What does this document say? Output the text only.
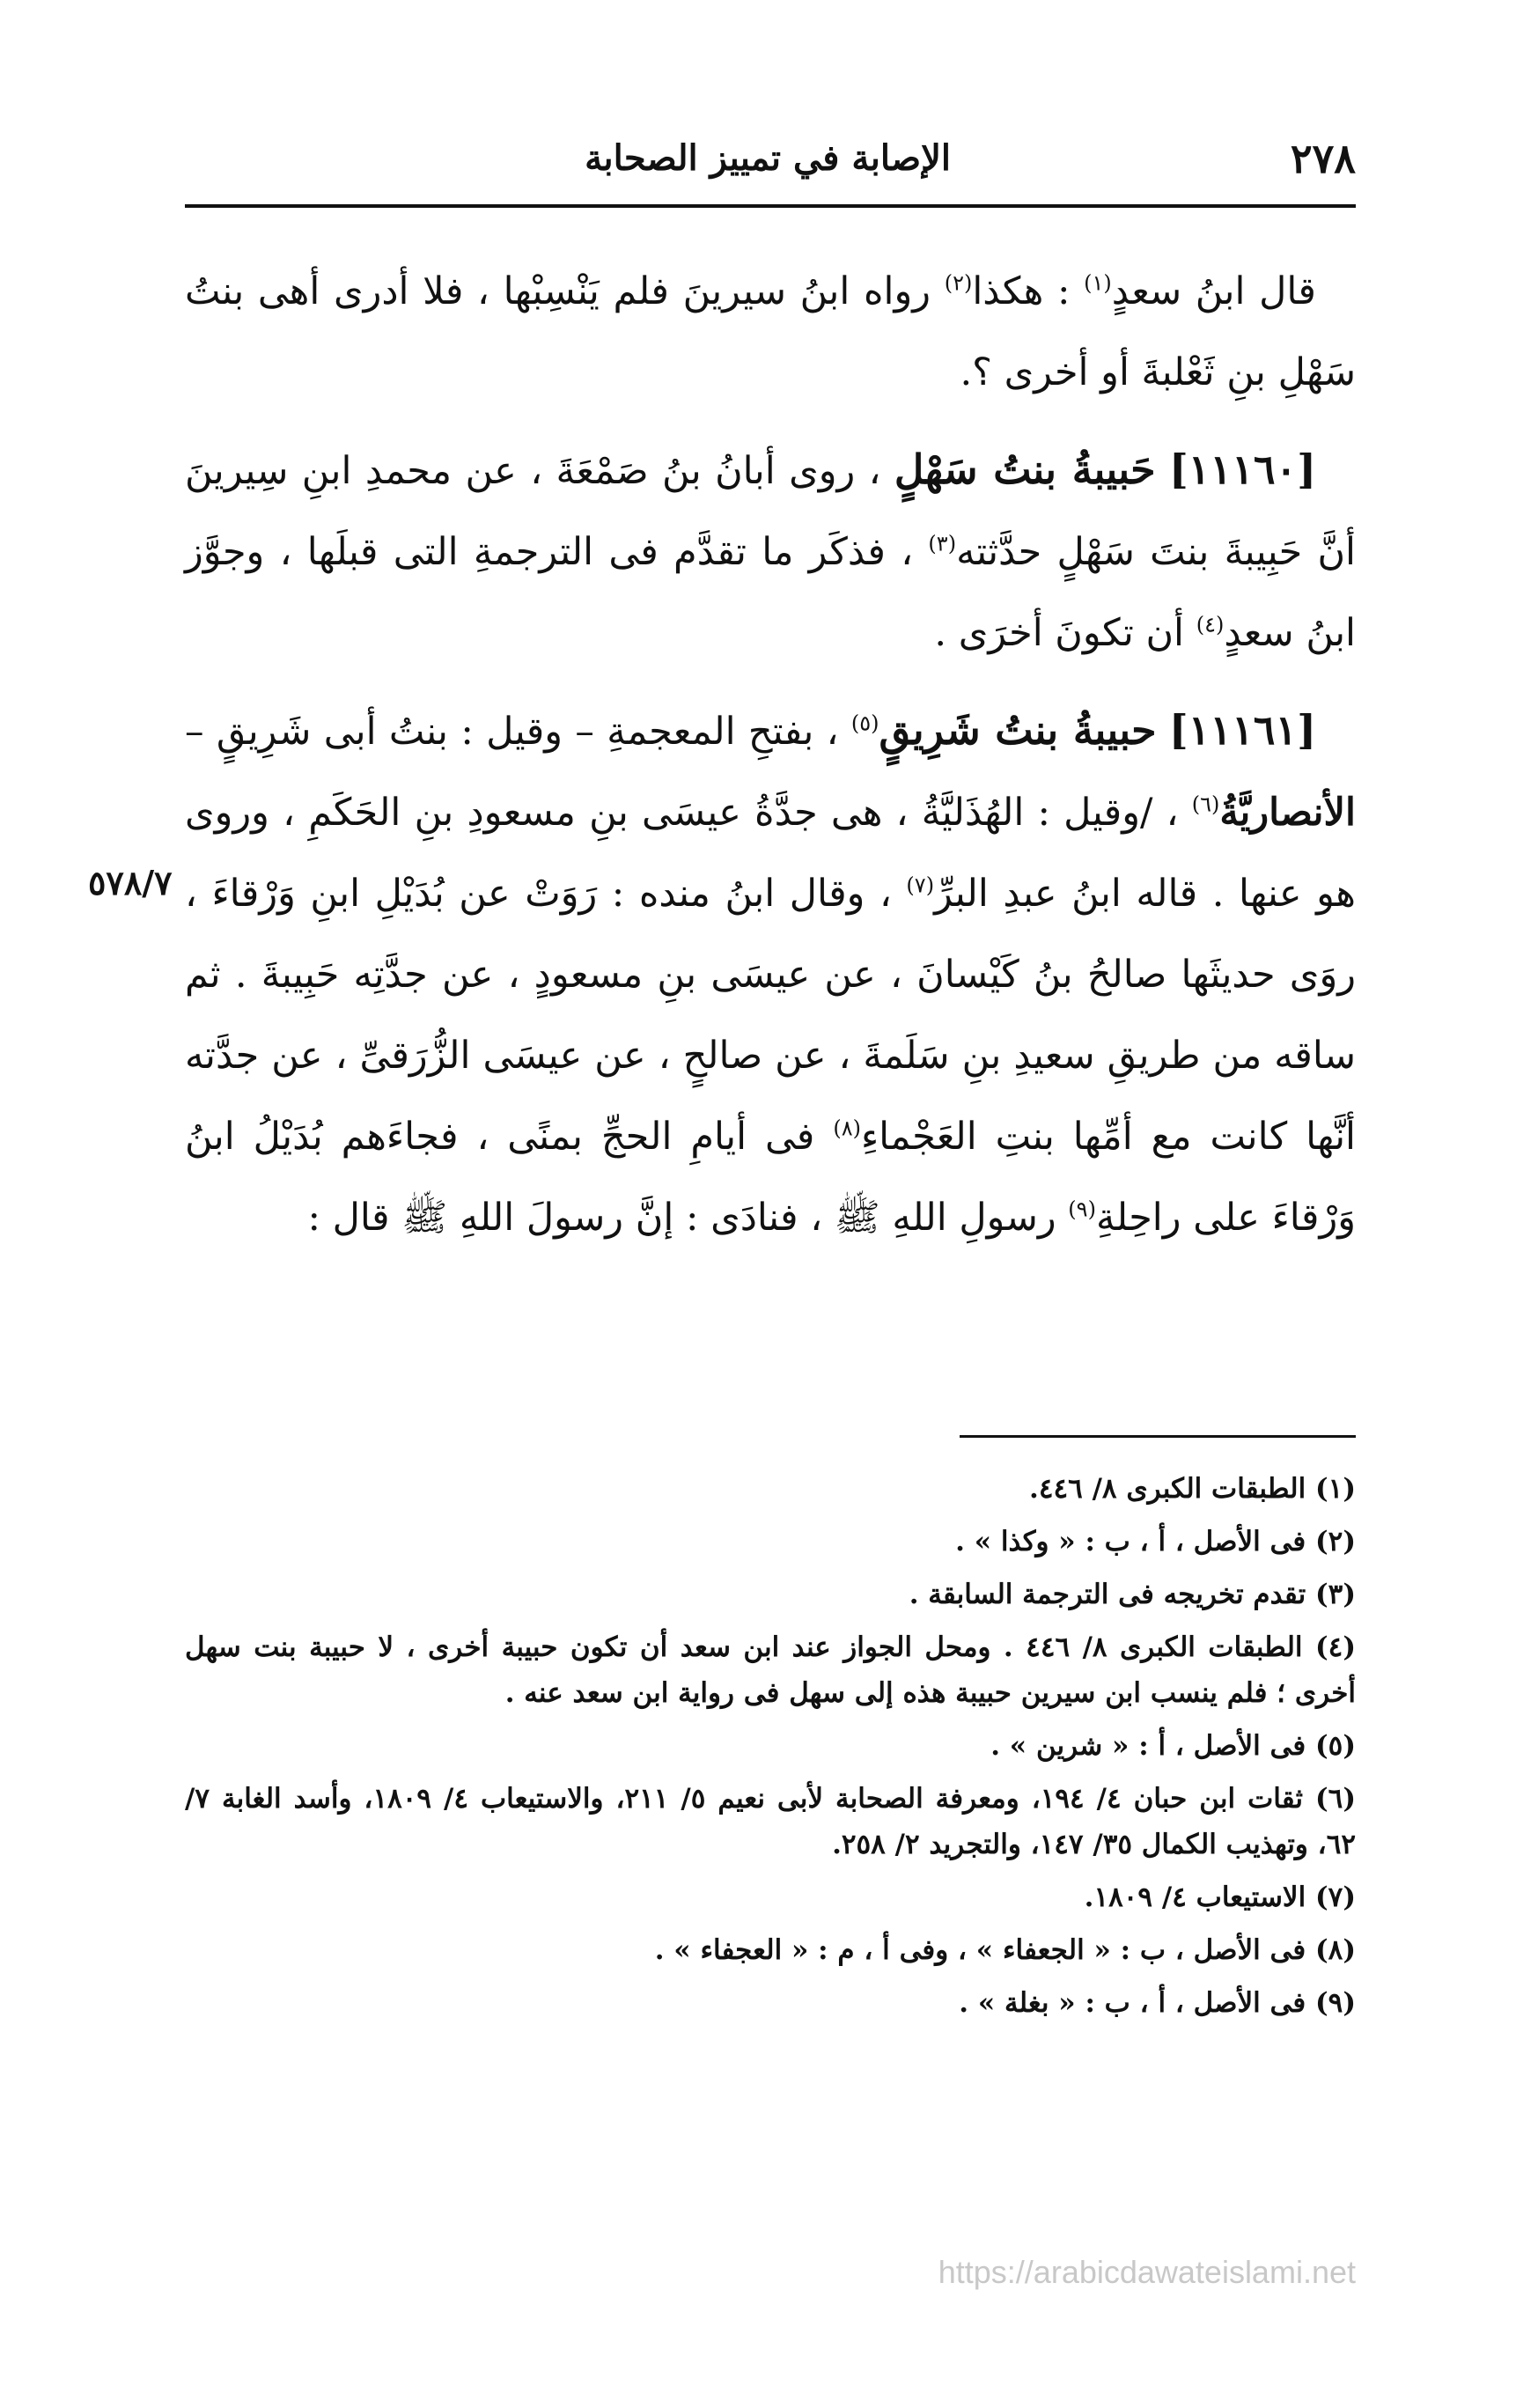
٢٧٨
الإصابة في تمييز الصحابة
٥٧٨/٧

قال ابنُ سعدٍ$^{(١)}$ : هكذا$^{(٢)}$ رواه ابنُ سيرينَ فلم يَنْسِبْها ، فلا أدرى أهى بنتُ سَهْلِ بنِ ثَعْلبةَ أو أخرى ؟.

[١١١٦٠] حَبيبةُ بنتُ سَهْلٍ ، روى أبانُ بنُ صَمْعَةَ ، عن محمدِ ابنِ سِيرينَ أنَّ حَبِيبةَ بنتَ سَهْلٍ حدَّثته$^{(٣)}$ ، فذكَر ما تقدَّم فى الترجمةِ التى قبلَها ، وجوَّز ابنُ سعدٍ$^{(٤)}$ أن تكونَ أخرَى .

[١١١٦١] حبيبةُ بنتُ شَرِيقٍ$^{(٥)}$ ، بفتحِ المعجمةِ – وقيل : بنتُ أبى شَرِيقٍ – الأنصاريَّةُ$^{(٦)}$ ، /وقيل : الهُذَليَّةُ ، هى جدَّةُ عيسَى بنِ مسعودِ بنِ الحَكَمِ ، وروى هو عنها . قاله ابنُ عبدِ البرِّ$^{(٧)}$ ، وقال ابنُ منده : رَوَتْ عن بُدَيْلِ ابنِ وَرْقاءَ ، روَى حديثَها صالحُ بنُ كَيْسانَ ، عن عيسَى بنِ مسعودٍ ، عن جدَّتِه حَبِيبةَ . ثم ساقه من طريقِ سعيدِ بنِ سَلَمةَ ، عن صالحٍ ، عن عيسَى الزُّرَقىِّ ، عن جدَّته أنَّها كانت مع أمِّها بنتِ العَجْماءِ$^{(٨)}$ فى أيامِ الحجِّ بمنًى ، فجاءَهم بُدَيْلُ ابنُ وَرْقاءَ على راحِلةِ$^{(٩)}$ رسولِ اللهِ ﷺ ، فنادَى : إنَّ رسولَ اللهِ ﷺ قال :

(١) الطبقات الكبرى ٨/ ٤٤٦.

(٢) فى الأصل ، أ ، ب : « وكذا » .

(٣) تقدم تخريجه فى الترجمة السابقة .

(٤) الطبقات الكبرى ٨/ ٤٤٦ . ومحل الجواز عند ابن سعد أن تكون حبيبة أخرى ، لا حبيبة بنت سهل أخرى ؛ فلم ينسب ابن سيرين حبيبة هذه إلى سهل فى رواية ابن سعد عنه .

(٥) فى الأصل ، أ : « شرين » .

(٦) ثقات ابن حبان ٤/ ١٩٤، ومعرفة الصحابة لأبى نعيم ٥/ ٢١١، والاستيعاب ٤/ ١٨٠٩، وأسد الغابة ٧/ ٦٢، وتهذيب الكمال ٣٥/ ١٤٧، والتجريد ٢/ ٢٥٨.

(٧) الاستيعاب ٤/ ١٨٠٩.

(٨) فى الأصل ، ب : « الجعفاء » ، وفى أ ، م : « العجفاء » .

(٩) فى الأصل ، أ ، ب : « بغلة » .

https://arabicdawateislami.net
